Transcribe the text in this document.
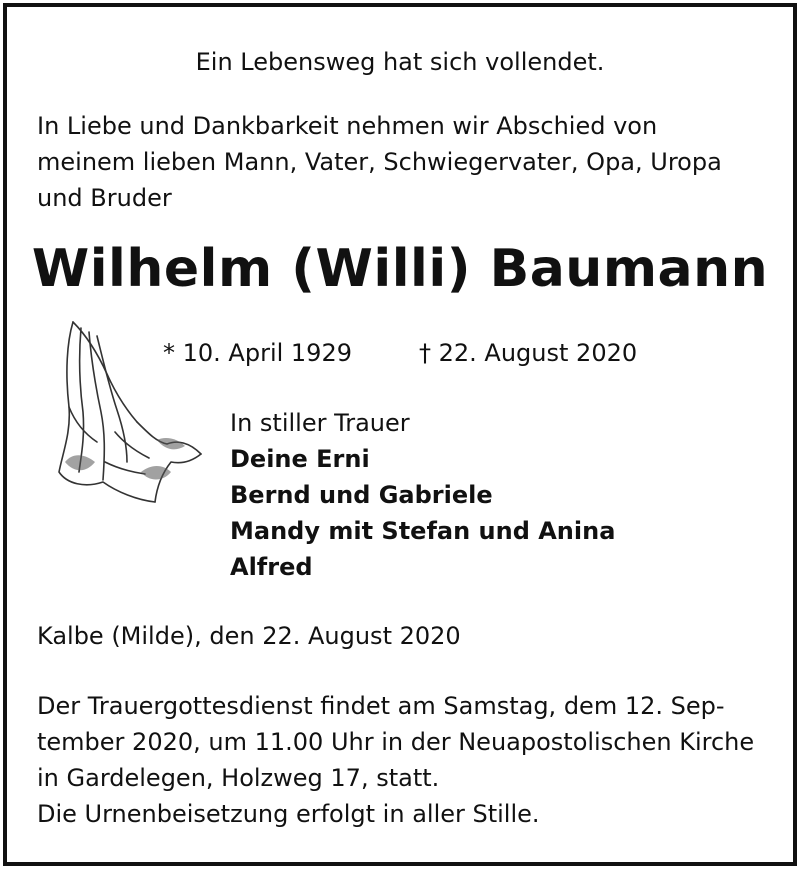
Ein Lebensweg hat sich vollendet.
In Liebe und Dankbarkeit nehmen wir Abschied von
meinem lieben Mann, Vater, Schwiegervater, Opa, Uropa
und Bruder
Wilhelm (Willi) Baumann
* 10. April 1929	† 22. August 2020
In stiller Trauer
Deine Erni
Bernd und Gabriele
Mandy mit Stefan und Anina
Alfred
Kalbe (Milde), den 22. August 2020
Der Trauergottesdienst findet am Samstag, dem 12. Sep-
tember 2020, um 11.00 Uhr in der Neuapostolischen Kirche
in Gardelegen, Holzweg 17, statt.
Die Urnenbeisetzung erfolgt in aller Stille.
